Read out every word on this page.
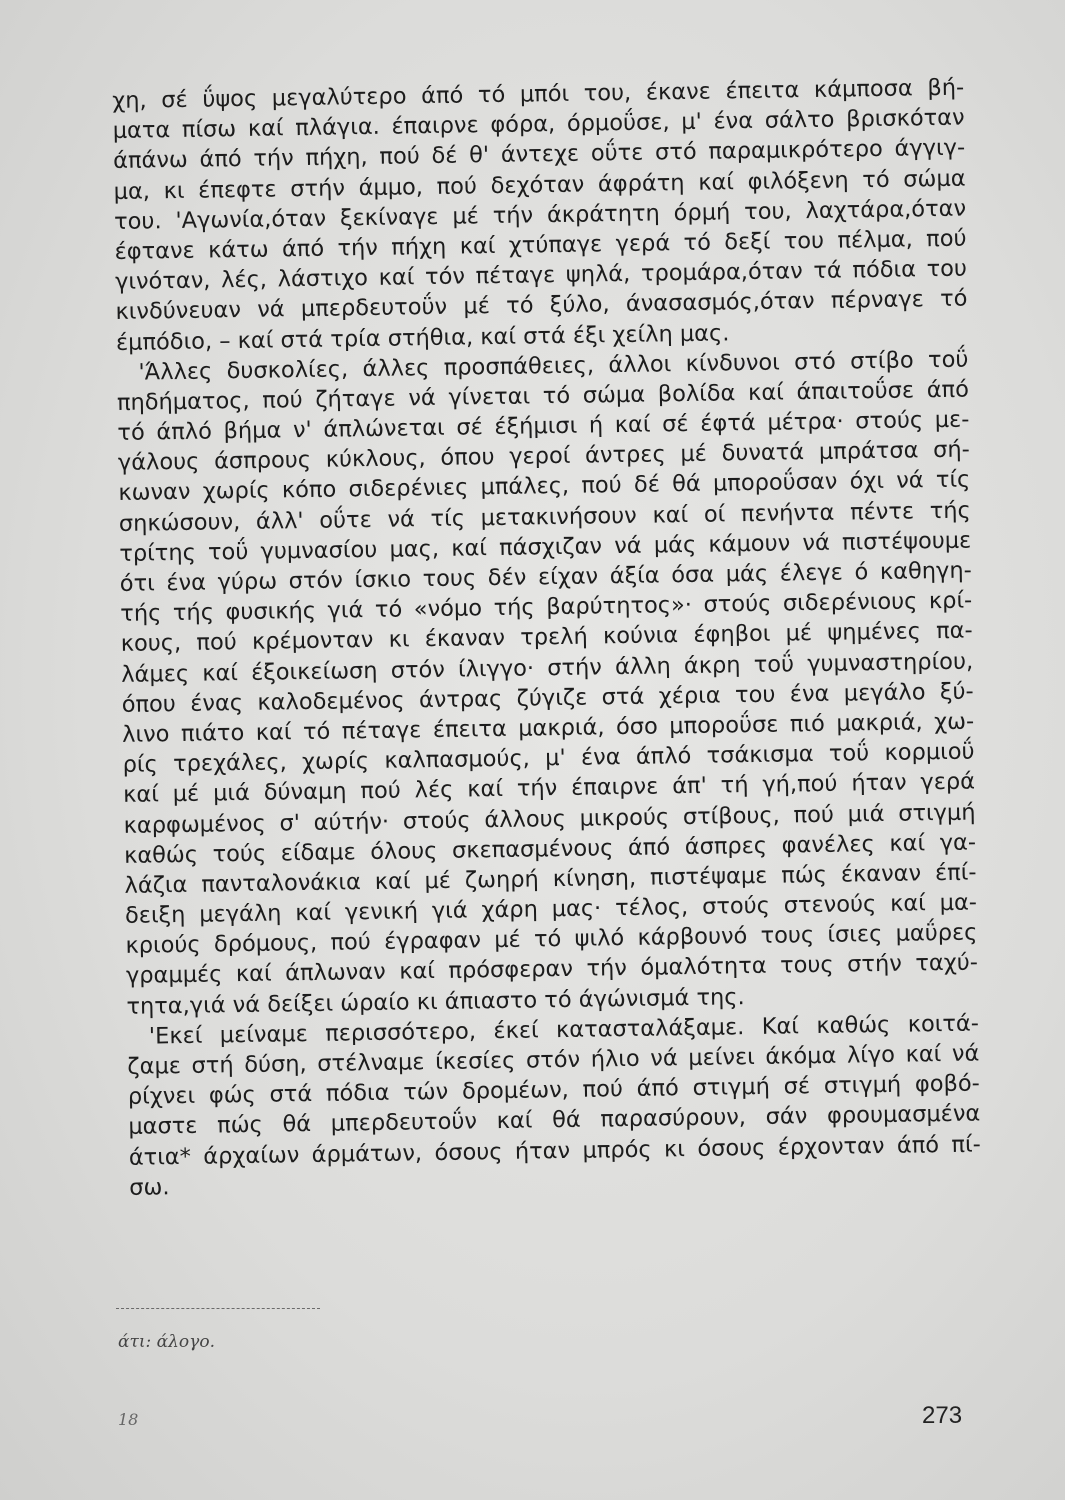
χη, σέ ΰψος μεγαλύτερο άπό τό μπόι του, έκανε έπειτα κάμποσα βή-
ματα πίσω καί πλάγια. έπαιρνε φόρα, όρμοΰσε, μ' ένα σάλτο βρισκόταν
άπάνω άπό τήν πήχη, πού δέ θ' άντεχε οΰτε στό παραμικρότερο άγγιγ-
μα, κι έπεφτε στήν άμμο, πού δεχόταν άφράτη καί φιλόξενη τό σώμα
του. 'Αγωνία,όταν ξεκίναγε μέ τήν άκράτητη όρμή του, λαχτάρα,όταν
έφτανε κάτω άπό τήν πήχη καί χτύπαγε γερά τό δεξί του πέλμα, πού
γινόταν, λές, λάστιχο καί τόν πέταγε ψηλά, τρομάρα,όταν τά πόδια του
κινδύνευαν νά μπερδευτοΰν μέ τό ξύλο, άνασασμός,όταν πέρναγε τό
έμπόδιο, – καί στά τρία στήθια, καί στά έξι χείλη μας.
'Άλλες δυσκολίες, άλλες προσπάθειες, άλλοι κίνδυνοι στό στίβο τοΰ
πηδήματος, πού ζήταγε νά γίνεται τό σώμα βολίδα καί άπαιτοΰσε άπό
τό άπλό βήμα ν' άπλώνεται σέ έξήμισι ή καί σέ έφτά μέτρα· στούς με-
γάλους άσπρους κύκλους, όπου γεροί άντρες μέ δυνατά μπράτσα σή-
κωναν χωρίς κόπο σιδερένιες μπάλες, πού δέ θά μποροΰσαν όχι νά τίς
σηκώσουν, άλλ' οΰτε νά τίς μετακινήσουν καί οί πενήντα πέντε τής
τρίτης τοΰ γυμνασίου μας, καί πάσχιζαν νά μάς κάμουν νά πιστέψουμε
ότι ένα γύρω στόν ίσκιο τους δέν είχαν άξία όσα μάς έλεγε ό καθηγη-
τής τής φυσικής γιά τό «νόμο τής βαρύτητος»· στούς σιδερένιους κρί-
κους, πού κρέμονταν κι έκαναν τρελή κούνια έφηβοι μέ ψημένες πα-
λάμες καί έξοικείωση στόν ίλιγγο· στήν άλλη άκρη τοΰ γυμναστηρίου,
όπου ένας καλοδεμένος άντρας ζύγιζε στά χέρια του ένα μεγάλο ξύ-
λινο πιάτο καί τό πέταγε έπειτα μακριά, όσο μποροΰσε πιό μακριά, χω-
ρίς τρεχάλες, χωρίς καλπασμούς, μ' ένα άπλό τσάκισμα τοΰ κορμιοΰ
καί μέ μιά δύναμη πού λές καί τήν έπαιρνε άπ' τή γή,πού ήταν γερά
καρφωμένος σ' αύτήν· στούς άλλους μικρούς στίβους, πού μιά στιγμή
καθώς τούς είδαμε όλους σκεπασμένους άπό άσπρες φανέλες καί γα-
λάζια πανταλονάκια καί μέ ζωηρή κίνηση, πιστέψαμε πώς έκαναν έπί-
δειξη μεγάλη καί γενική γιά χάρη μας· τέλος, στούς στενούς καί μα-
κριούς δρόμους, πού έγραφαν μέ τό ψιλό κάρβουνό τους ίσιες μαΰρες
γραμμές καί άπλωναν καί πρόσφεραν τήν όμαλότητα τους στήν ταχύ-
τητα,γιά νά δείξει ώραίο κι άπιαστο τό άγώνισμά της.
'Εκεί μείναμε περισσότερο, έκεί κατασταλάξαμε. Καί καθώς κοιτά-
ζαμε στή δύση, στέλναμε ίκεσίες στόν ήλιο νά μείνει άκόμα λίγο καί νά
ρίχνει φώς στά πόδια τών δρομέων, πού άπό στιγμή σέ στιγμή φοβό-
μαστε πώς θά μπερδευτοΰν καί θά παρασύρουν, σάν φρουμασμένα
άτια* άρχαίων άρμάτων, όσους ήταν μπρός κι όσους έρχονταν άπό πί-
σω.
άτι: άλογο.
18	273
